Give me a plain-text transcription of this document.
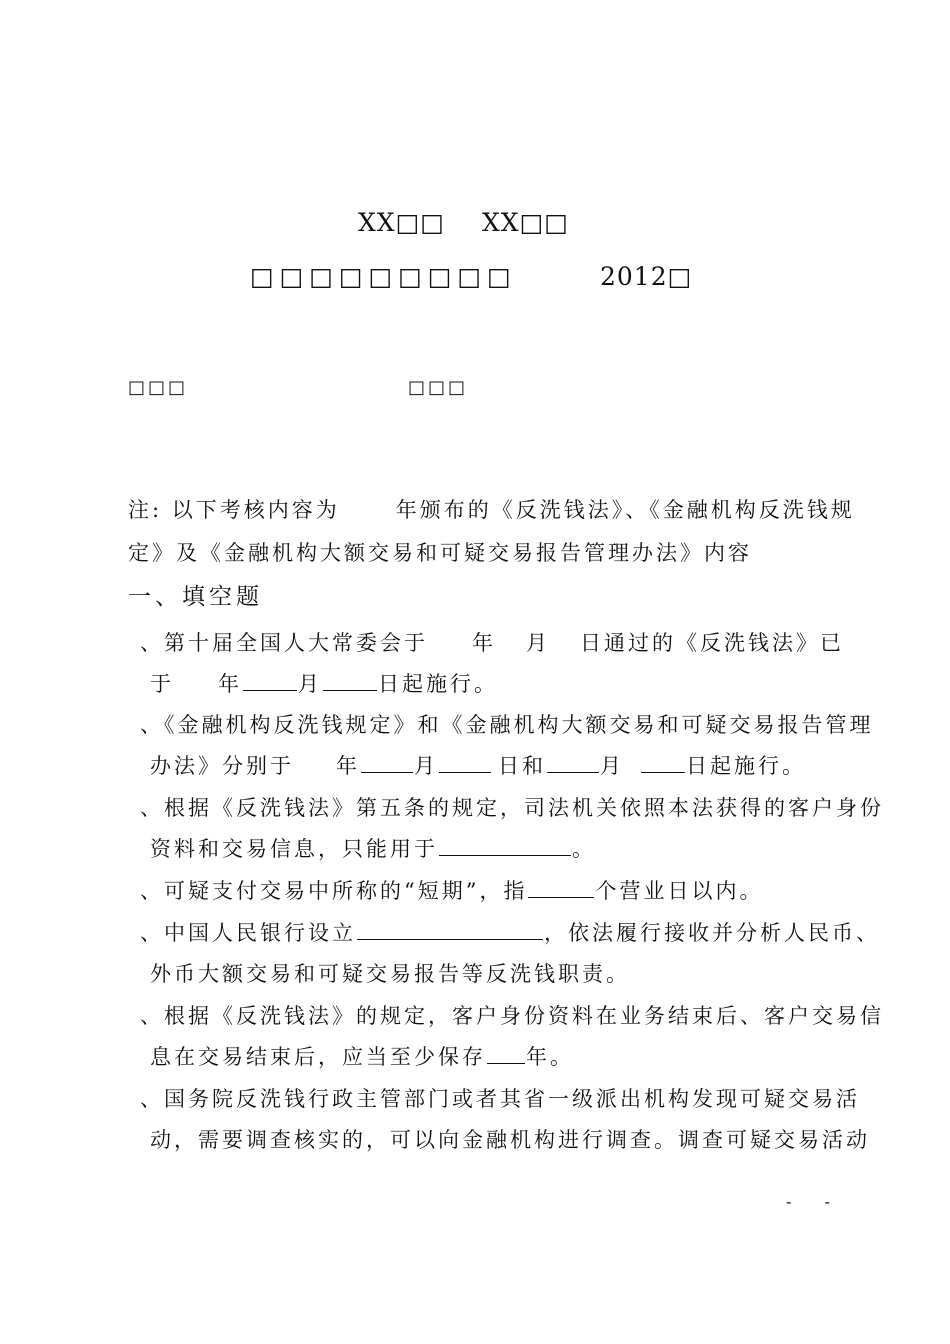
XX□□ XX□□
□□□□□□□□□	2012□
□□□	□□□
注: 以下考核内容为	年颁布的《反洗钱法》、《金融机构反洗钱规
定》及《金融机构大额交易和可疑交易报告管理办法》内容
一、填空题
、第十届全国人大常委会于 年 月 日通过的《反洗钱法》已
于 年	月	日起施行。
、《金融机构反洗钱规定》和《金融机构大额交易和可疑交易报告管理
办法》分别于 年	月	日和	月	日起施行。
、根据《反洗钱法》第五条的规定，司法机关依照本法获得的客户身份
资料和交易信息，只能用于	。
、可疑支付交易中所称的“短期”，指	个营业日以内。
、中国人民银行设立	，依法履行接收并分析人民币、
外币大额交易和可疑交易报告等反洗钱职责。
、根据《反洗钱法》的规定，客户身份资料在业务结束后、客户交易信
息在交易结束后，应当至少保存 年。
、国务院反洗钱行政主管部门或者其省一级派出机构发现可疑交易活
动，需要调查核实的，可以向金融机构进行调查。调查可疑交易活动
- -
